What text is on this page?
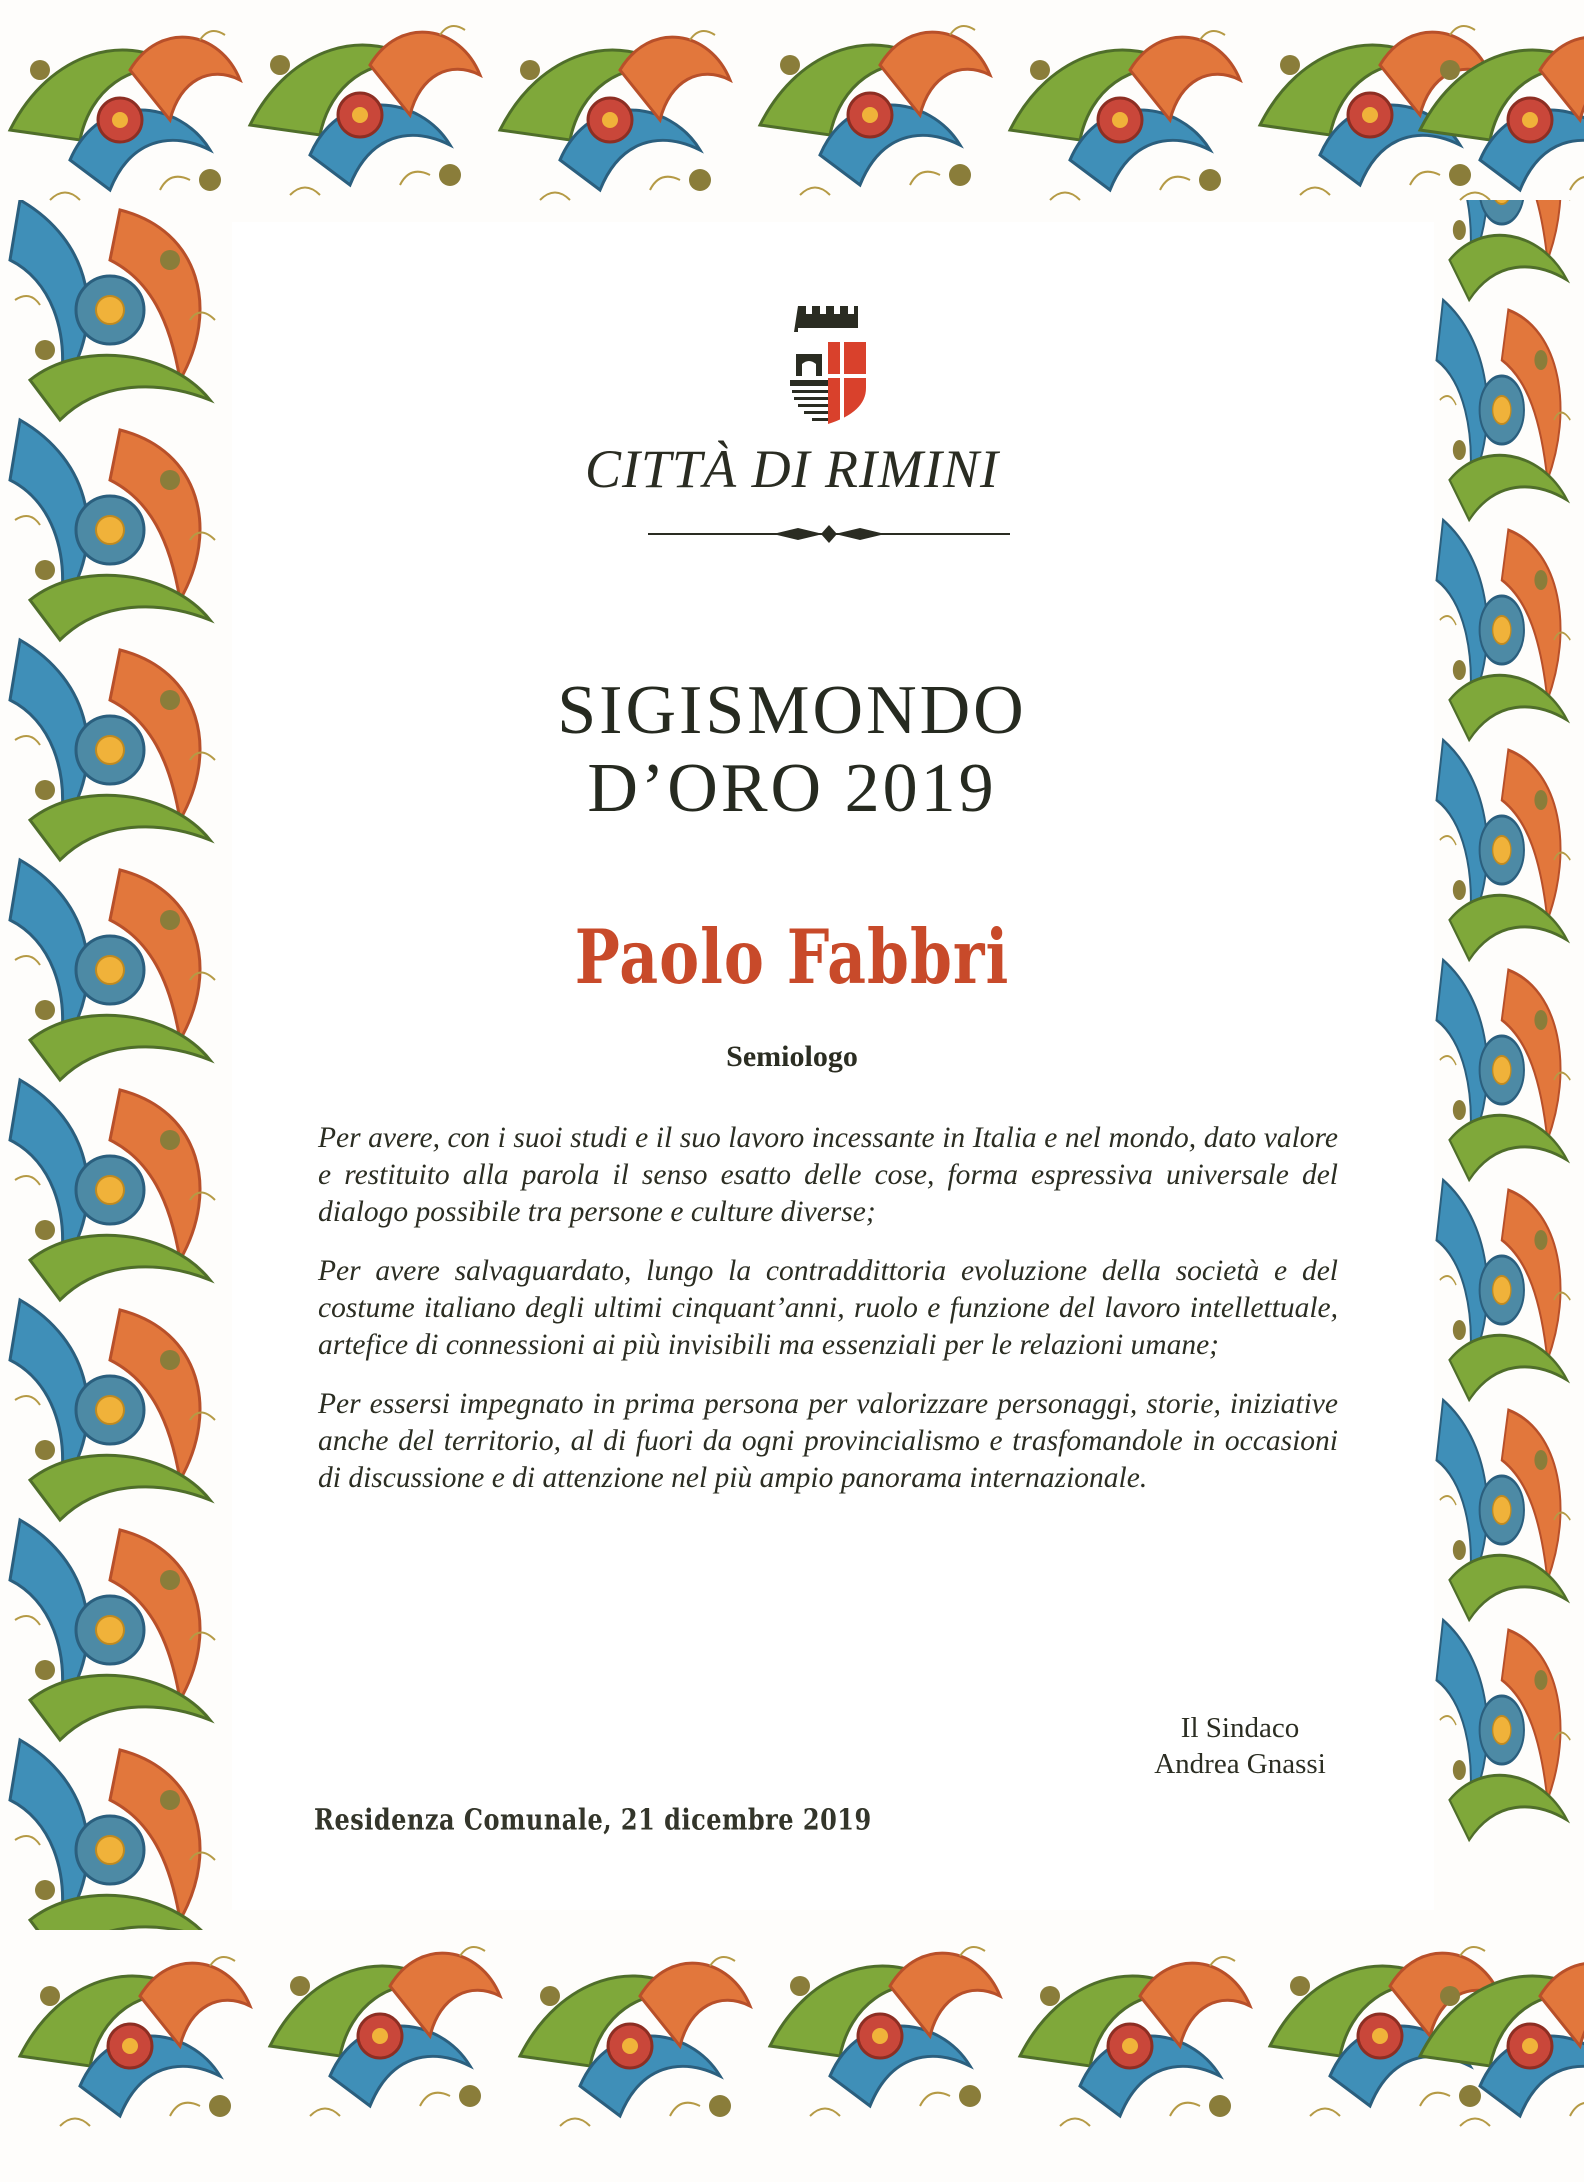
CITTÀ DI RIMINI
SIGISMONDO
D’ORO 2019
Paolo Fabbri
Semiologo

Per avere, con i suoi studi e il suo lavoro incessante in Italia e nel mondo, dato valore e restituito alla parola il senso esatto delle cose, forma espressiva universale del dialogo possibile tra persone e culture diverse;

Per avere salvaguardato, lungo la contraddittoria evoluzione della società e del costume italiano degli ultimi cinquant’anni, ruolo e funzione del lavoro intellettuale, artefice di connessioni ai più invisibili ma essenziali per le relazioni umane;

Per essersi impegnato in prima persona per valorizzare personaggi, storie, iniziative anche del territorio, al di fuori da ogni provincialismo e trasfomandole in occasioni di discussione e di attenzione nel più ampio panorama internazionale.

Il Sindaco
Andrea Gnassi
Residenza Comunale, 21 dicembre 2019
